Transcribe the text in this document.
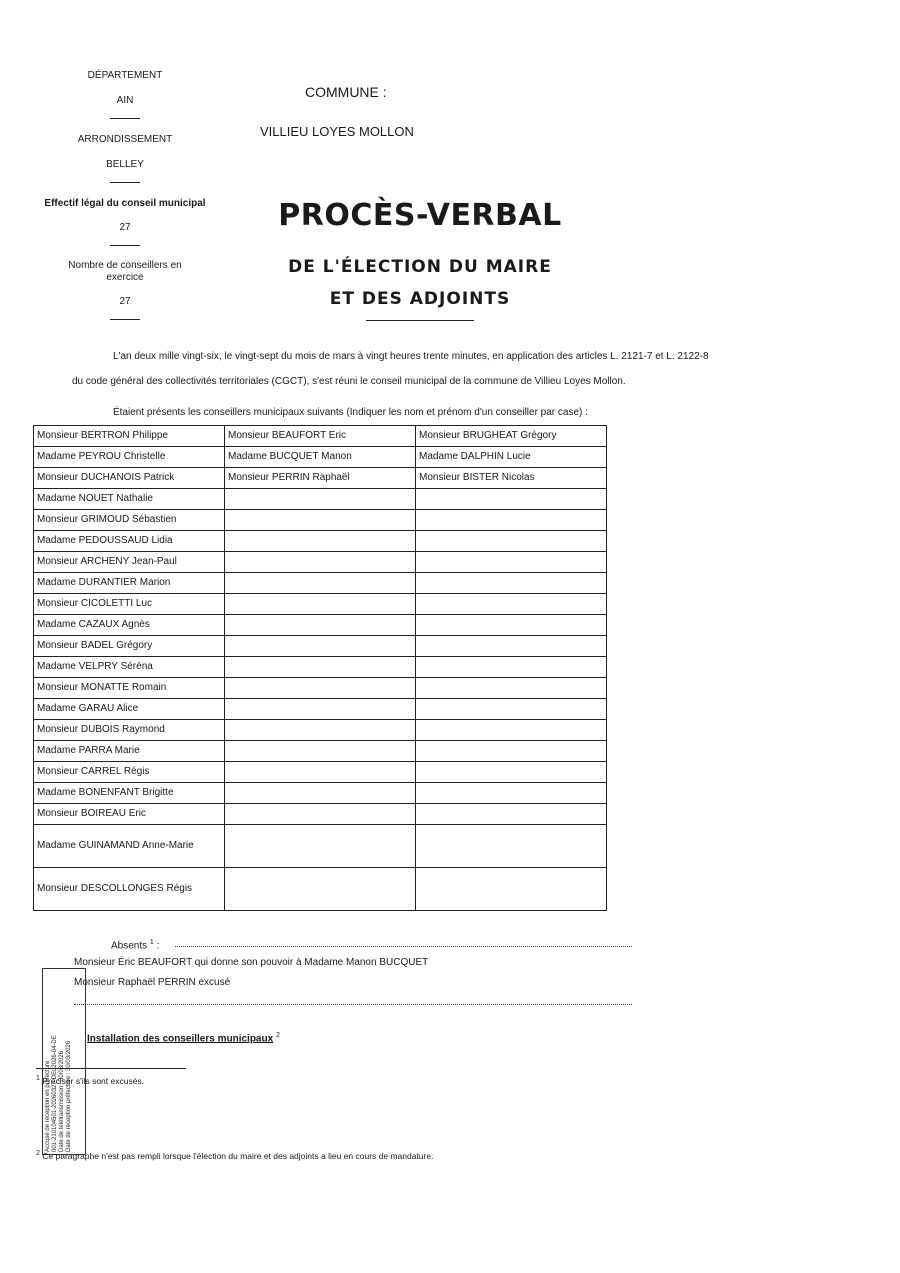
DÉPARTEMENT
AIN
ARRONDISSEMENT
BELLEY
Effectif légal du conseil municipal
27
Nombre de conseillers en exercice
27
COMMUNE :
VILLIEU LOYES MOLLON
PROCÈS-VERBAL
DE L'ÉLECTION DU MAIRE
ET DES ADJOINTS
L'an deux mille vingt-six, le vingt-sept du mois de mars à vingt heures trente minutes, en application des articles L. 2121-7 et L. 2122-8
du code général des collectivités territoriales (CGCT), s'est réuni le conseil municipal de la commune de Villieu Loyes Mollon.
Étaient présents les conseillers municipaux suivants (Indiquer les nom et prénom d'un conseiller par case) :
Monsieur BERTRON Philippe	Monsieur BEAUFORT Eric	Monsieur BRUGHEAT Grégory
Madame PEYROU Christelle	Madame BUCQUET Manon	Madame DALPHIN Lucie
Monsieur DUCHANOIS Patrick	Monsieur PERRIN Raphaël	Monsieur BISTER Nicolas
Madame NOUET Nathalie		
Monsieur GRIMOUD Sébastien		
Madame PEDOUSSAUD Lidia		
Monsieur ARCHENY Jean-Paul		
Madame DURANTIER Marion		
Monsieur CICOLETTI Luc		
Madame CAZAUX Agnès		
Monsieur BADEL Grégory		
Madame VELPRY Séréna		
Monsieur MONATTE Romain		
Madame GARAU Alice		
Monsieur DUBOIS Raymond		
Madame PARRA Marie		
Monsieur CARREL Régis		
Madame BONENFANT Brigitte		
Monsieur BOIREAU Eric		
Madame GUINAMAND Anne-Marie		
Monsieur DESCOLLONGES Régis		
Absents $^1$ :
Monsieur Éric BEAUFORT qui donne son pouvoir à Madame Manon BUCQUET
Monsieur Raphaël PERRIN excusé
Installation des conseillers municipaux $^2$
$^1$ Préciser s'ils sont excusés.
$^2$ Ce paragraphe n'est pas rempli lorsque l'élection du maire et des adjoints a lieu en cours de mandature.
Accusé de réception en préfecture 001-210104501-20260327-DEL2026-04-DE Date de télétransmission : 30/03/2026 Date de réception préfecture : 30/03/2026
